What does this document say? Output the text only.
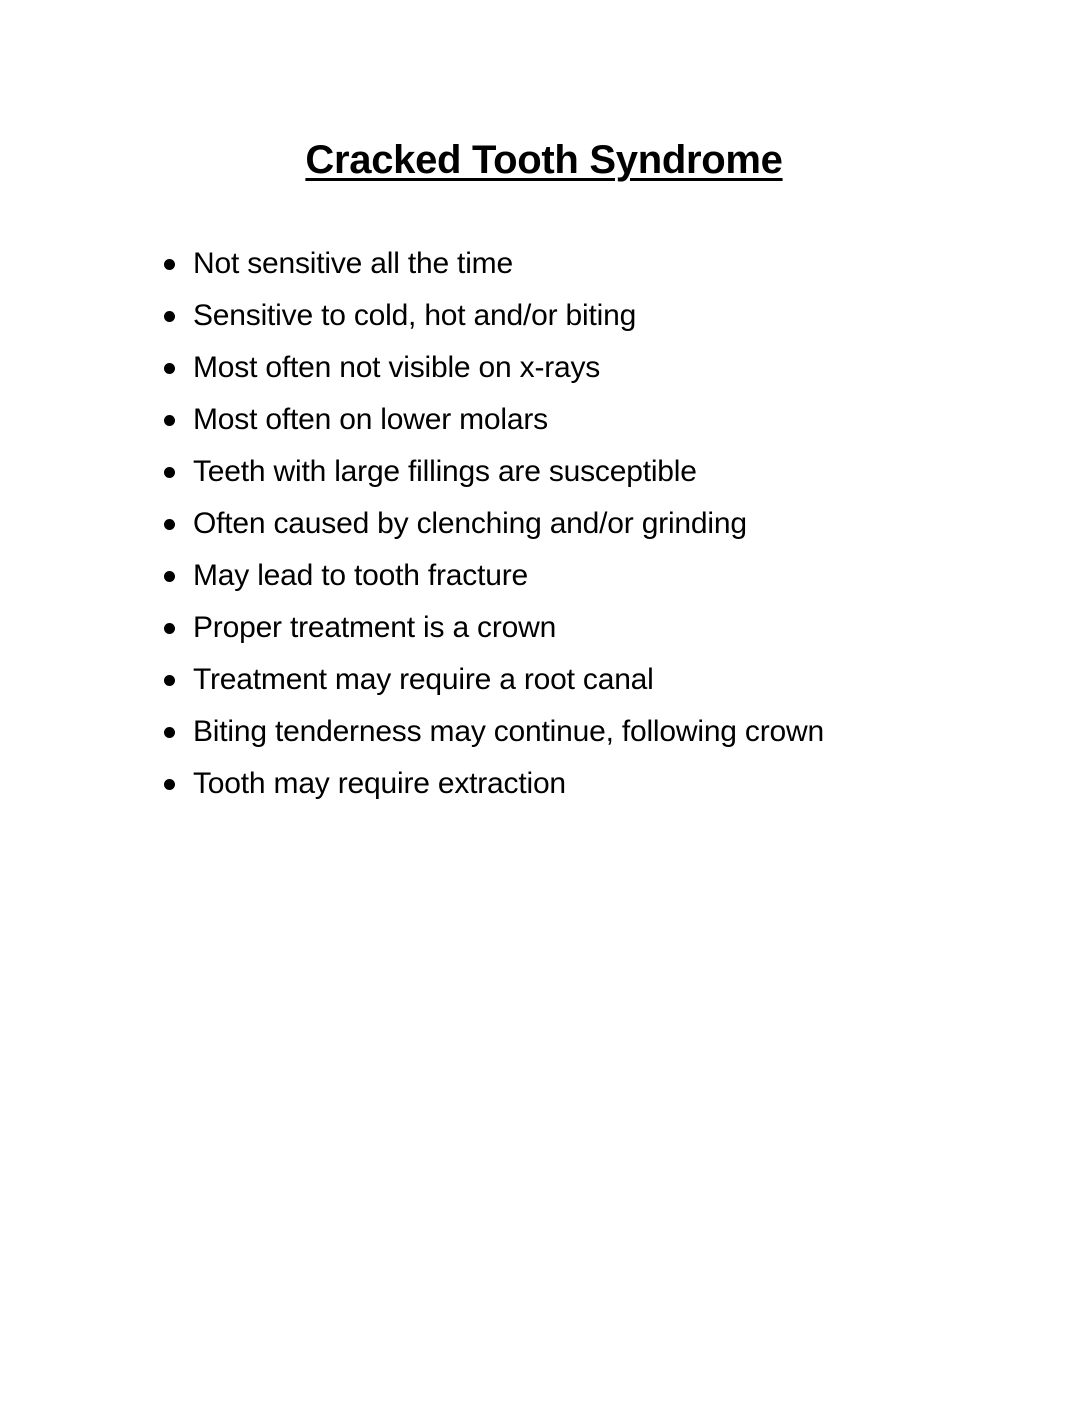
Cracked Tooth Syndrome
Not sensitive all the time
Sensitive to cold, hot and/or biting
Most often not visible on x-rays
Most often on lower molars
Teeth with large fillings are susceptible
Often caused by clenching and/or grinding
May lead to tooth fracture
Proper treatment is a crown
Treatment may require a root canal
Biting tenderness may continue, following crown
Tooth may require extraction
